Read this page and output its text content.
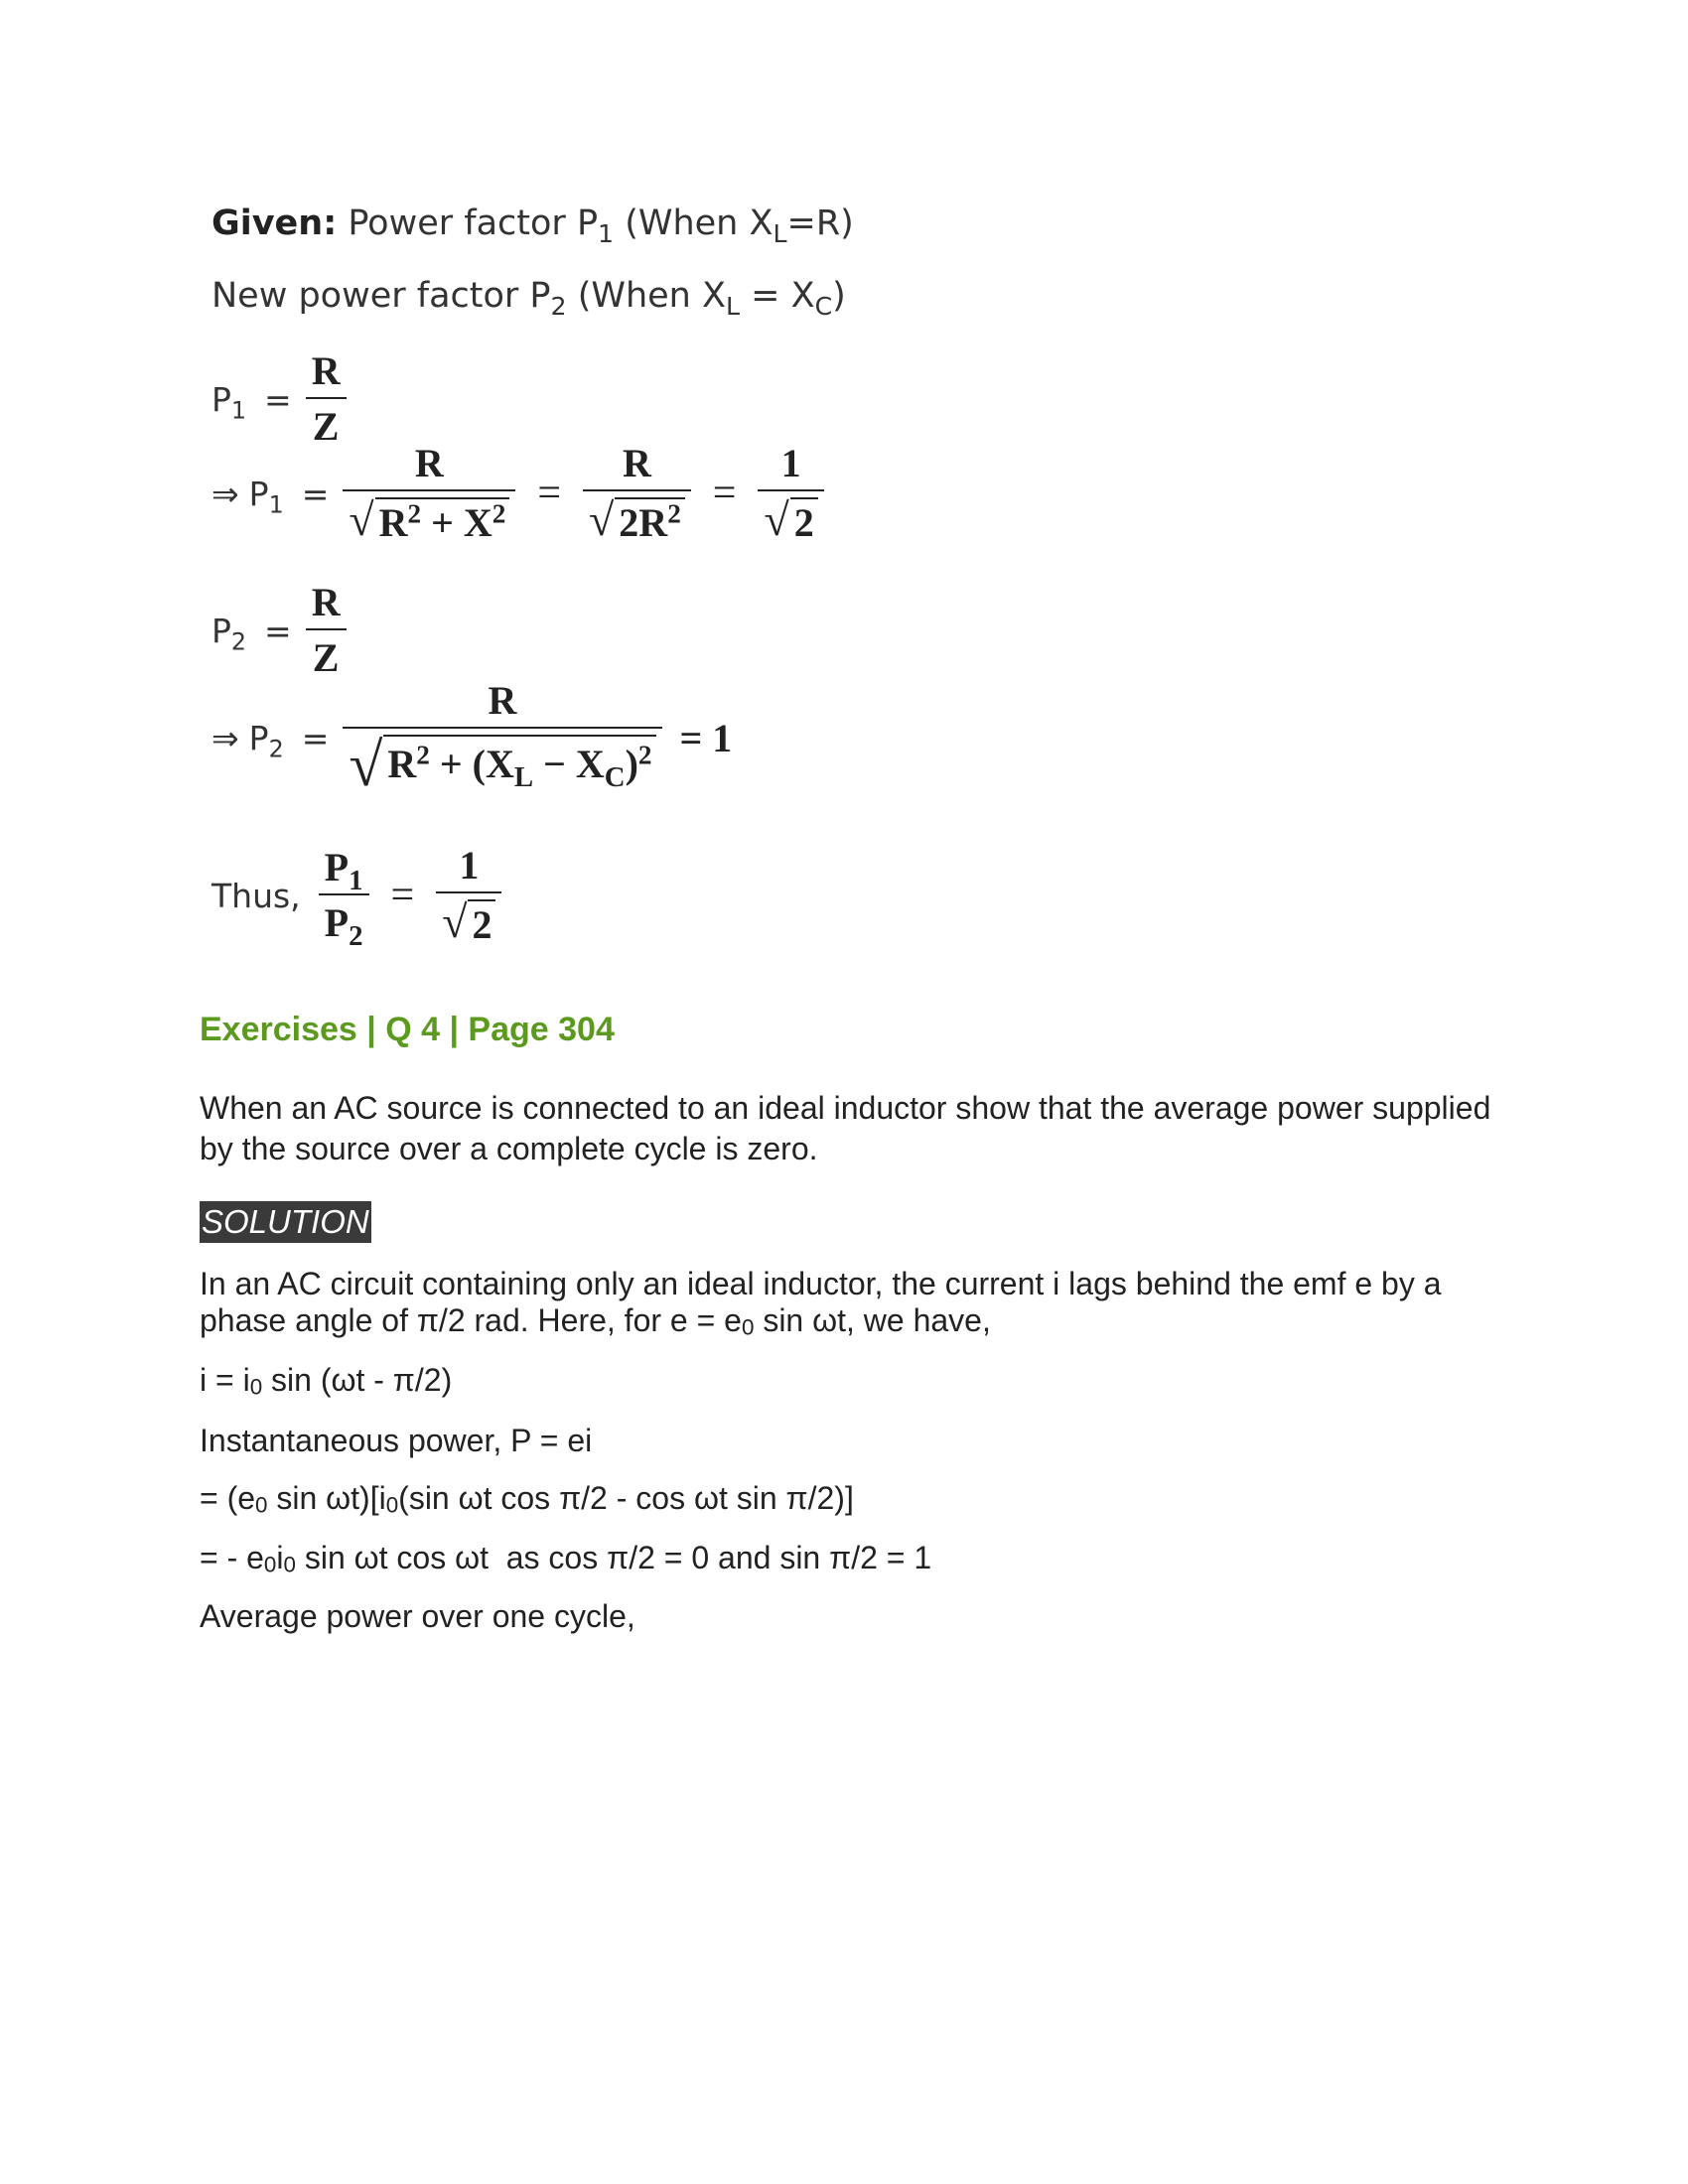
Given: Power factor $P_1$ (When $X_L=R$)
New power factor $P_2$ (When $X_L = X_C$)
$P_1 = \frac{R}{Z}$
⇒ $P_1 = \frac{R}{√ R^2 + X^2} = \frac{R}{√ 2R^2} = \frac{1}{√ 2}$
$P_2 = \frac{R}{Z}$
⇒ $P_2 = \frac{R}{√ R^2 + (X_L - X_C)^2} = 1$
Thus, $\frac{P_1}{P_2} = \frac{1}{√ 2}$
Exercises | Q 4 | Page 304
When an AC source is connected to an ideal inductor show that the average power supplied by the source over a complete cycle is zero.
SOLUTION
In an AC circuit containing only an ideal inductor, the current i lags behind the emf e by a phase angle of π/2 rad. Here, for e = e0 sin ωt, we have,
i = i0 sin (ωt - π/2)
Instantaneous power, P = ei
= (e0 sin ωt)[i0(sin ωt cos π/2 - cos ωt sin π/2)]
= - e0i0 sin ωt cos ωt  as cos π/2 = 0 and sin π/2 = 1
Average power over one cycle,
